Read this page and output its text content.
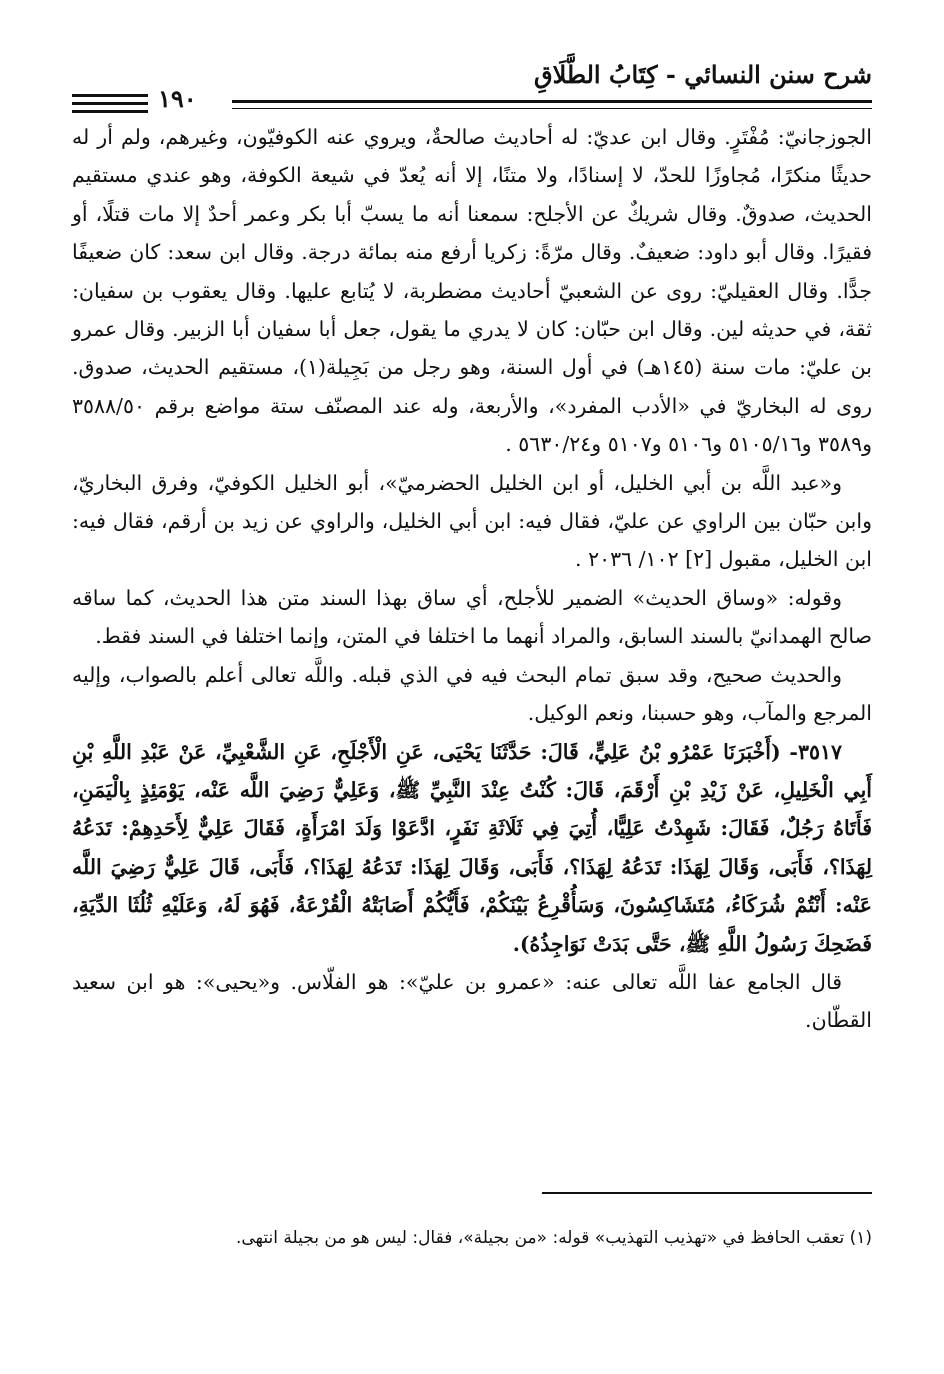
شرح سنن النسائي - كِتَابُ الطَّلَاقِ
١٩٠

الجوزجانيّ: مُفْتَرٍ. وقال ابن عديّ: له أحاديث صالحةٌ، ويروي عنه الكوفيّون، وغيرهم، ولم أر له حديثًا منكرًا، مُجاوزًا للحدّ، لا إسنادًا، ولا متنًا، إلا أنه يُعدّ في شيعة الكوفة، وهو عندي مستقيم الحديث، صدوقٌ. وقال شريكٌ عن الأجلح: سمعنا أنه ما يسبّ أبا بكر وعمر أحدٌ إلا مات قتلًا، أو فقيرًا. وقال أبو داود: ضعيفٌ. وقال مرّةً: زكريا أرفع منه بمائة درجة. وقال ابن سعد: كان ضعيفًا جدًّا. وقال العقيليّ: روى عن الشعبيّ أحاديث مضطربة، لا يُتابع عليها. وقال يعقوب بن سفيان: ثقة، في حديثه لين. وقال ابن حبّان: كان لا يدري ما يقول، جعل أبا سفيان أبا الزبير. وقال عمرو بن عليّ: مات سنة (١٤٥هـ) في أول السنة، وهو رجل من بَجِيلة(١)، مستقيم الحديث، صدوق. روى له البخاريّ في «الأدب المفرد»، والأربعة، وله عند المصنّف ستة مواضع برقم ٣٥٨٨/٥٠ و٣٥٨٩ و٥١٠٥/١٦ و٥١٠٦ و٥١٠٧ و٥٦٣٠/٢٤ .

و«عبد اللَّه بن أبي الخليل، أو ابن الخليل الحضرميّ»، أبو الخليل الكوفيّ، وفرق البخاريّ، وابن حبّان بين الراوي عن عليّ، فقال فيه: ابن أبي الخليل، والراوي عن زيد بن أرقم، فقال فيه: ابن الخليل، مقبول [٢] ١٠٢/ ٢٠٣٦ .

وقوله: «وساق الحديث» الضمير للأجلح، أي ساق بهذا السند متن هذا الحديث، كما ساقه صالح الهمدانيّ بالسند السابق، والمراد أنهما ما اختلفا في المتن، وإنما اختلفا في السند فقط.

والحديث صحيح، وقد سبق تمام البحث فيه في الذي قبله. واللَّه تعالى أعلم بالصواب، وإليه المرجع والمآب، وهو حسبنا، ونعم الوكيل.

٣٥١٧- (أَخْبَرَنَا عَمْرُو بْنُ عَلِيٍّ، قَالَ: حَدَّثَنَا يَحْيَى، عَنِ الْأَجْلَحِ، عَنِ الشَّعْبِيِّ، عَنْ عَبْدِ اللَّهِ بْنِ أَبِي الْخَلِيلِ، عَنْ زَيْدِ بْنِ أَرْقَمَ، قَالَ: كُنْتُ عِنْدَ النَّبِيِّ ﷺ، وَعَلِيٌّ رَضِيَ اللَّه عَنْه، يَوْمَئِذٍ بِالْيَمَنِ، فَأَتَاهُ رَجُلٌ، فَقَالَ: شَهِدْتُ عَلِيًّا، أُتِيَ فِي ثَلَاثَةِ نَفَرٍ، ادَّعَوْا وَلَدَ امْرَأَةٍ، فَقَالَ عَلِيٌّ لِأَحَدِهِمْ: تَدَعُهُ لِهَذَا؟، فَأَبَى، وَقَالَ لِهَذَا: تَدَعُهُ لِهَذَا؟، فَأَبَى، وَقَالَ لِهَذَا: تَدَعُهُ لِهَذَا؟، فَأَبَى، قَالَ عَلِيٌّ رَضِيَ اللَّه عَنْه: أَنْتُمْ شُرَكَاءُ، مُتَشَاكِسُونَ، وَسَأُقْرِعُ بَيْنَكُمْ، فَأَيُّكُمْ أَصَابَتْهُ الْقُرْعَةُ، فَهُوَ لَهُ، وَعَلَيْهِ ثُلُثَا الدِّيَةِ، فَضَحِكَ رَسُولُ اللَّهِ ﷺ، حَتَّى بَدَتْ نَوَاجِذُهُ).

قال الجامع عفا اللَّه تعالى عنه: «عمرو بن عليّ»: هو الفلّاس. و«يحيى»: هو ابن سعيد القطّان.

(١) تعقب الحافظ في «تهذيب التهذيب» قوله: «من بجيلة»، فقال: ليس هو من بجيلة انتهى.
